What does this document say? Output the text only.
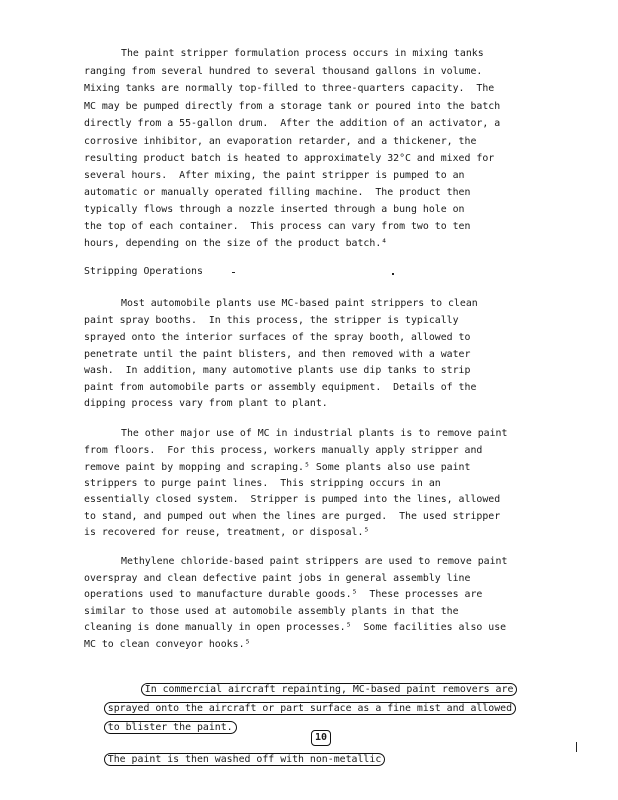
The paint stripper formulation process occurs in mixing tanks
ranging from several hundred to several thousand gallons in volume.
Mixing tanks are normally top-filled to three-quarters capacity.  The
MC may be pumped directly from a storage tank or poured into the batch
directly from a 55-gallon drum.  After the addition of an activator, a
corrosive inhibitor, an evaporation retarder, and a thickener, the
resulting product batch is heated to approximately 32°C and mixed for
several hours.  After mixing, the paint stripper is pumped to an
automatic or manually operated filling machine.  The product then
typically flows through a nozzle inserted through a bung hole on
the top of each container.  This process can vary from two to ten
hours, depending on the size of the product batch.⁴
Stripping Operations
Most automobile plants use MC-based paint strippers to clean
paint spray booths.  In this process, the stripper is typically
sprayed onto the interior surfaces of the spray booth, allowed to
penetrate until the paint blisters, and then removed with a water
wash.  In addition, many automotive plants use dip tanks to strip
paint from automobile parts or assembly equipment.  Details of the
dipping process vary from plant to plant.
The other major use of MC in industrial plants is to remove paint
from floors.  For this process, workers manually apply stripper and
remove paint by mopping and scraping.⁵ Some plants also use paint
strippers to purge paint lines.  This stripping occurs in an
essentially closed system.  Stripper is pumped into the lines, allowed
to stand, and pumped out when the lines are purged.  The used stripper
is recovered for reuse, treatment, or disposal.⁵
Methylene chloride-based paint strippers are used to remove paint
overspray and clean defective paint jobs in general assembly line
operations used to manufacture durable goods.⁵  These processes are
similar to those used at automobile assembly plants in that the
cleaning is done manually in open processes.⁵  Some facilities also use
MC to clean conveyor hooks.⁵

In commercial aircraft repainting, MC-based paint removers are

sprayed onto the aircraft or part surface as a fine mist and allowed

to blister the paint.

The paint is then washed off with non-metallic

10
